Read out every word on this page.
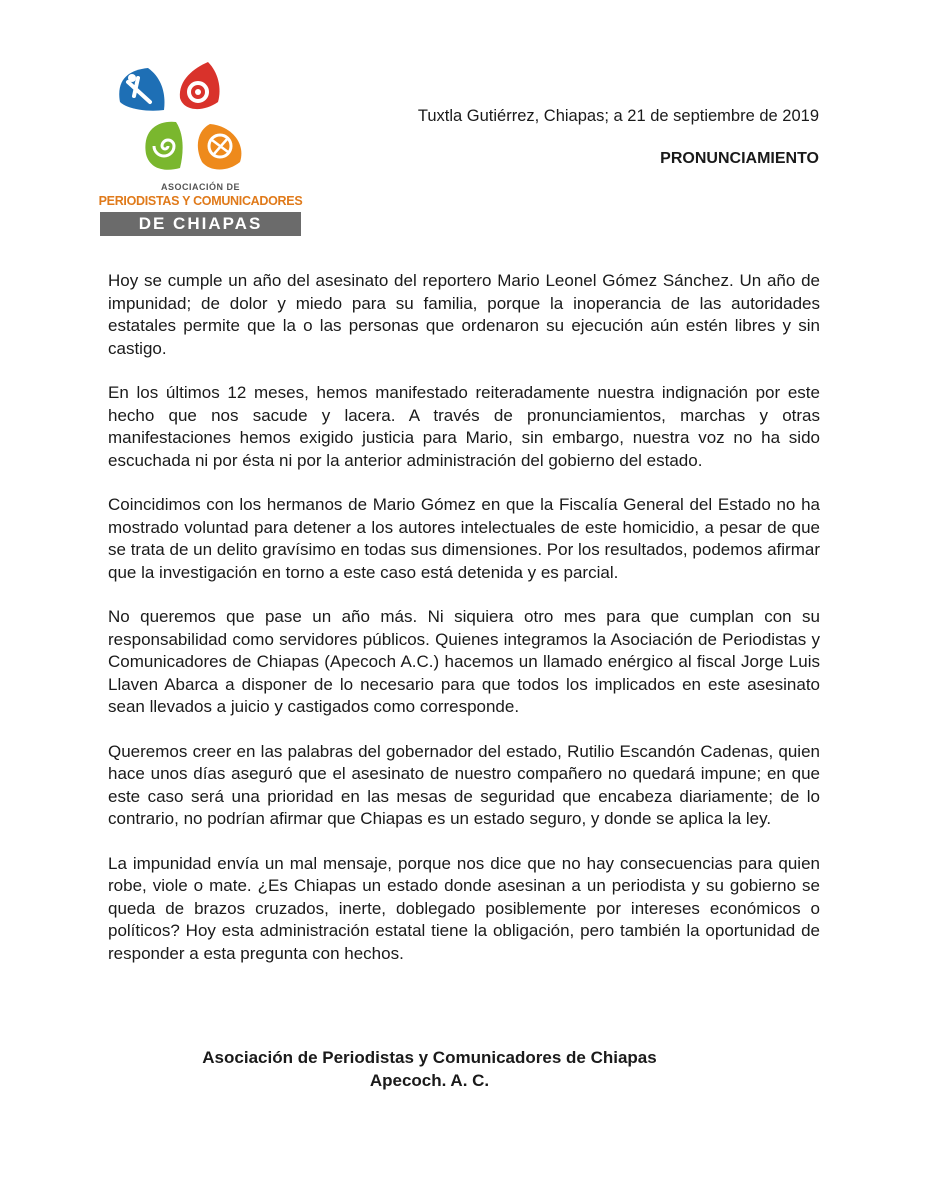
ASOCIACIÓN DE
PERIODISTAS Y COMUNICADORES
DE CHIAPAS
Tuxtla Gutiérrez, Chiapas; a 21 de septiembre de 2019
PRONUNCIAMIENTO

Hoy se cumple un año del asesinato del reportero Mario Leonel Gómez Sánchez. Un año de impunidad; de dolor y miedo para su familia, porque la inoperancia de las autoridades estatales permite que la o las personas que ordenaron su ejecución aún estén libres y sin castigo.

En los últimos 12 meses, hemos manifestado reiteradamente nuestra indignación por este hecho que nos sacude y lacera. A través de pronunciamientos, marchas y otras manifestaciones hemos exigido justicia para Mario, sin embargo, nuestra voz no ha sido escuchada ni por ésta ni por la anterior administración del gobierno del estado.

Coincidimos con los hermanos de Mario Gómez en que la Fiscalía General del Estado no ha mostrado voluntad para detener a los autores intelectuales de este homicidio, a pesar de que se trata de un delito gravísimo en todas sus dimensiones. Por los resultados, podemos afirmar que la investigación en torno a este caso está detenida y es parcial.

No queremos que pase un año más. Ni siquiera otro mes para que cumplan con su responsabilidad como servidores públicos. Quienes integramos la Asociación de Periodistas y Comunicadores de Chiapas (Apecoch A.C.) hacemos un llamado enérgico al fiscal Jorge Luis Llaven Abarca a disponer de lo necesario para que todos los implicados en este asesinato sean llevados a juicio y castigados como corresponde.

Queremos creer en las palabras del gobernador del estado, Rutilio Escandón Cadenas, quien hace unos días aseguró que el asesinato de nuestro compañero no quedará impune; en que este caso será una prioridad en las mesas de seguridad que encabeza diariamente; de lo contrario, no podrían afirmar que Chiapas es un estado seguro, y donde se aplica la ley.

La impunidad envía un mal mensaje, porque nos dice que no hay consecuencias para quien robe, viole o mate. ¿Es Chiapas un estado donde asesinan a un periodista y su gobierno se queda de brazos cruzados, inerte, doblegado posiblemente por intereses económicos o políticos? Hoy esta administración estatal tiene la obligación, pero también la oportunidad de responder a esta pregunta con hechos.

Asociación de Periodistas y Comunicadores de Chiapas
Apecoch. A. C.
